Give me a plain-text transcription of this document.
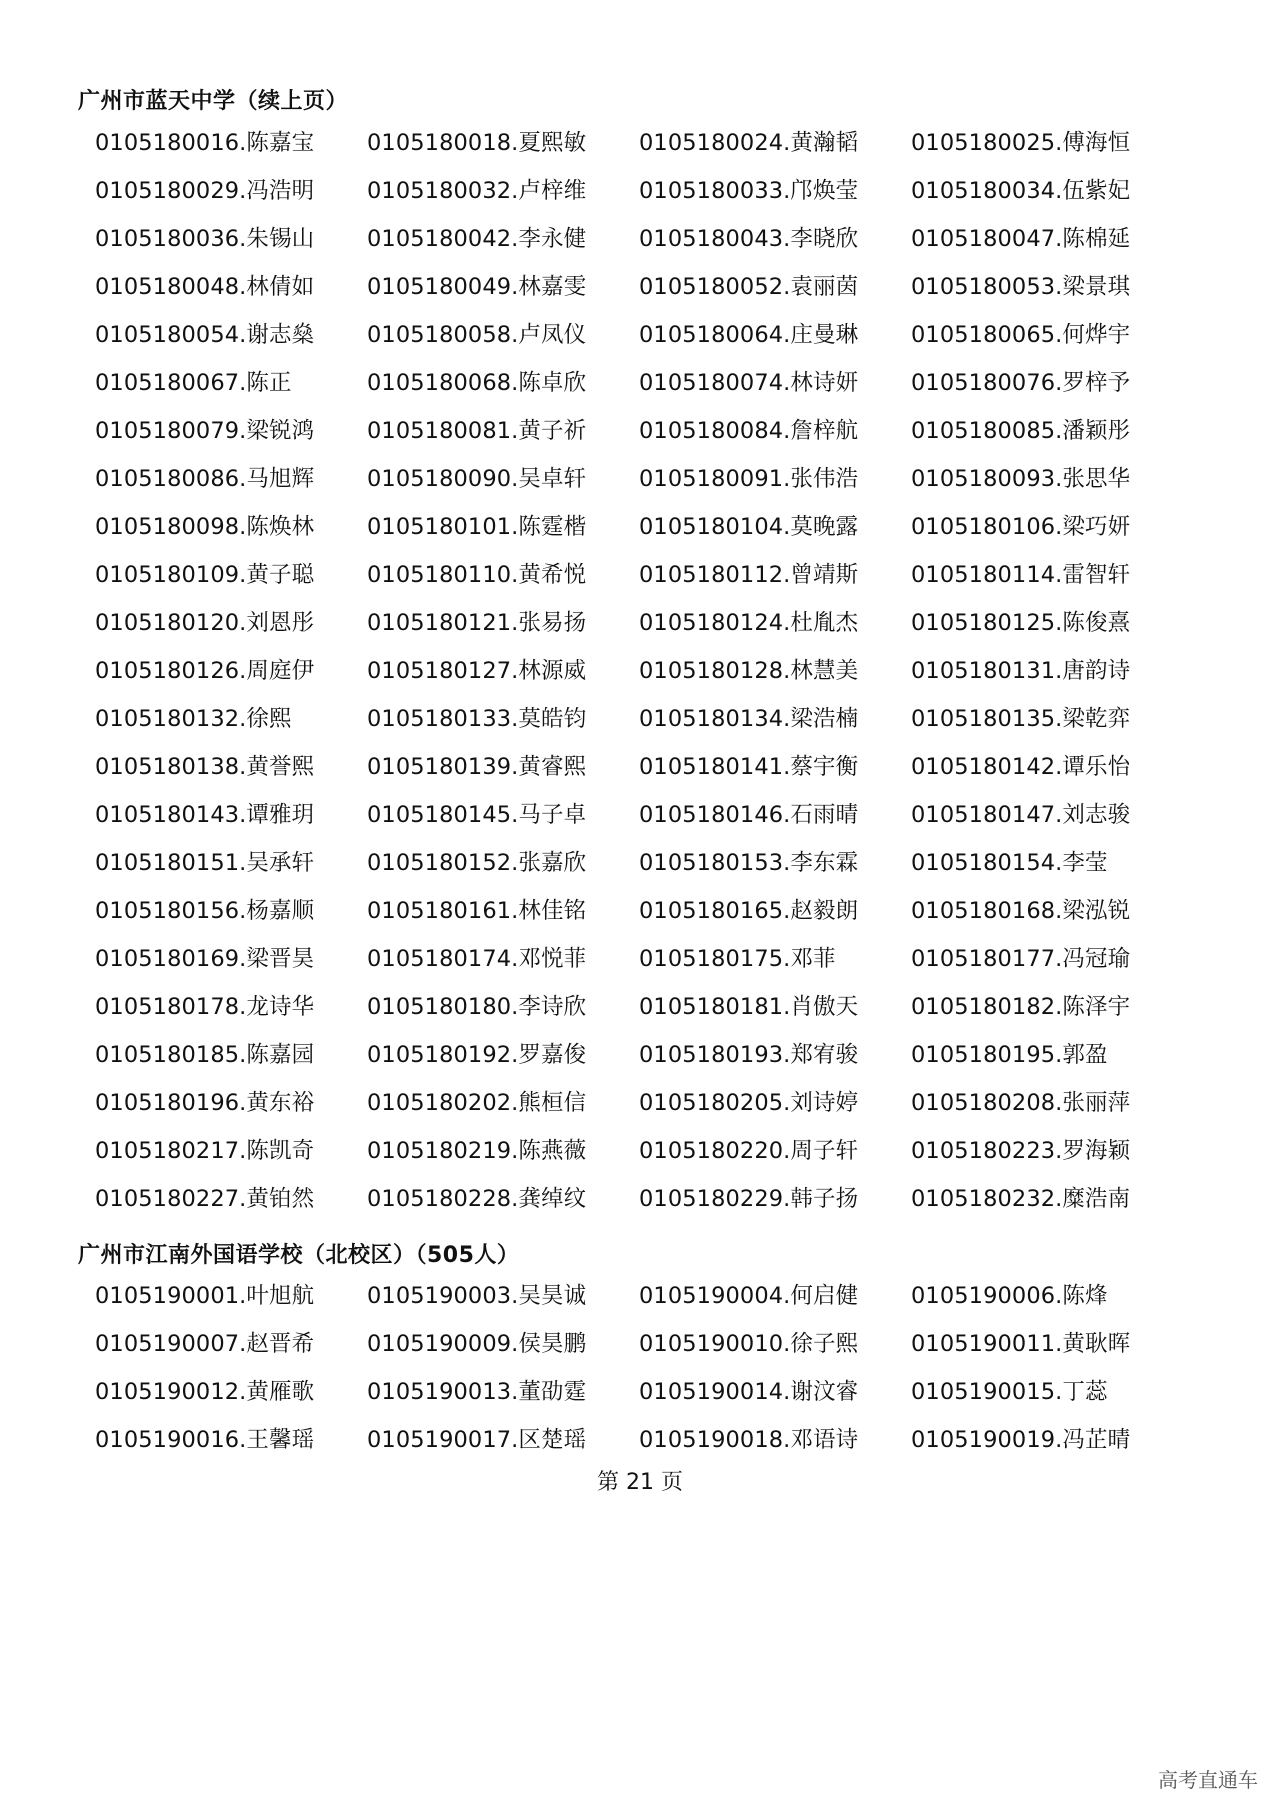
广州市蓝天中学（续上页）
0105180016.陈嘉宝	0105180018.夏熙敏	0105180024.黄瀚韬	0105180025.傅海恒
0105180029.冯浩明	0105180032.卢梓维	0105180033.邝焕莹	0105180034.伍紫妃
0105180036.朱锡山	0105180042.李永健	0105180043.李晓欣	0105180047.陈棉延
0105180048.林倩如	0105180049.林嘉雯	0105180052.袁丽茵	0105180053.梁景琪
0105180054.谢志燊	0105180058.卢凤仪	0105180064.庄曼琳	0105180065.何烨宇
0105180067.陈正	0105180068.陈卓欣	0105180074.林诗妍	0105180076.罗梓予
0105180079.梁锐鸿	0105180081.黄子祈	0105180084.詹梓航	0105180085.潘颖彤
0105180086.马旭辉	0105180090.吴卓轩	0105180091.张伟浩	0105180093.张思华
0105180098.陈焕林	0105180101.陈霆楷	0105180104.莫晚露	0105180106.梁巧妍
0105180109.黄子聪	0105180110.黄希悦	0105180112.曾靖斯	0105180114.雷智轩
0105180120.刘恩彤	0105180121.张易扬	0105180124.杜胤杰	0105180125.陈俊熹
0105180126.周庭伊	0105180127.林源威	0105180128.林慧美	0105180131.唐韵诗
0105180132.徐熙	0105180133.莫皓钧	0105180134.梁浩楠	0105180135.梁乾弈
0105180138.黄誉熙	0105180139.黄睿熙	0105180141.蔡宇衡	0105180142.谭乐怡
0105180143.谭雅玥	0105180145.马子卓	0105180146.石雨晴	0105180147.刘志骏
0105180151.吴承轩	0105180152.张嘉欣	0105180153.李东霖	0105180154.李莹
0105180156.杨嘉顺	0105180161.林佳铭	0105180165.赵毅朗	0105180168.梁泓锐
0105180169.梁晋昊	0105180174.邓悦菲	0105180175.邓菲	0105180177.冯冠瑜
0105180178.龙诗华	0105180180.李诗欣	0105180181.肖傲天	0105180182.陈泽宇
0105180185.陈嘉园	0105180192.罗嘉俊	0105180193.郑宥骏	0105180195.郭盈
0105180196.黄东裕	0105180202.熊桓信	0105180205.刘诗婷	0105180208.张丽萍
0105180217.陈凯奇	0105180219.陈燕薇	0105180220.周子轩	0105180223.罗海颖
0105180227.黄铂然	0105180228.龚绰纹	0105180229.韩子扬	0105180232.糜浩南
广州市江南外国语学校（北校区）（505人）
0105190001.叶旭航	0105190003.吴昊诚	0105190004.何启健	0105190006.陈烽
0105190007.赵晋希	0105190009.侯昊鹏	0105190010.徐子熙	0105190011.黄耿晖
0105190012.黄雁歌	0105190013.董劭霆	0105190014.谢汶睿	0105190015.丁蕊
0105190016.王馨瑶	0105190017.区楚瑶	0105190018.邓语诗	0105190019.冯芷晴
第 21 页
高考直通车
